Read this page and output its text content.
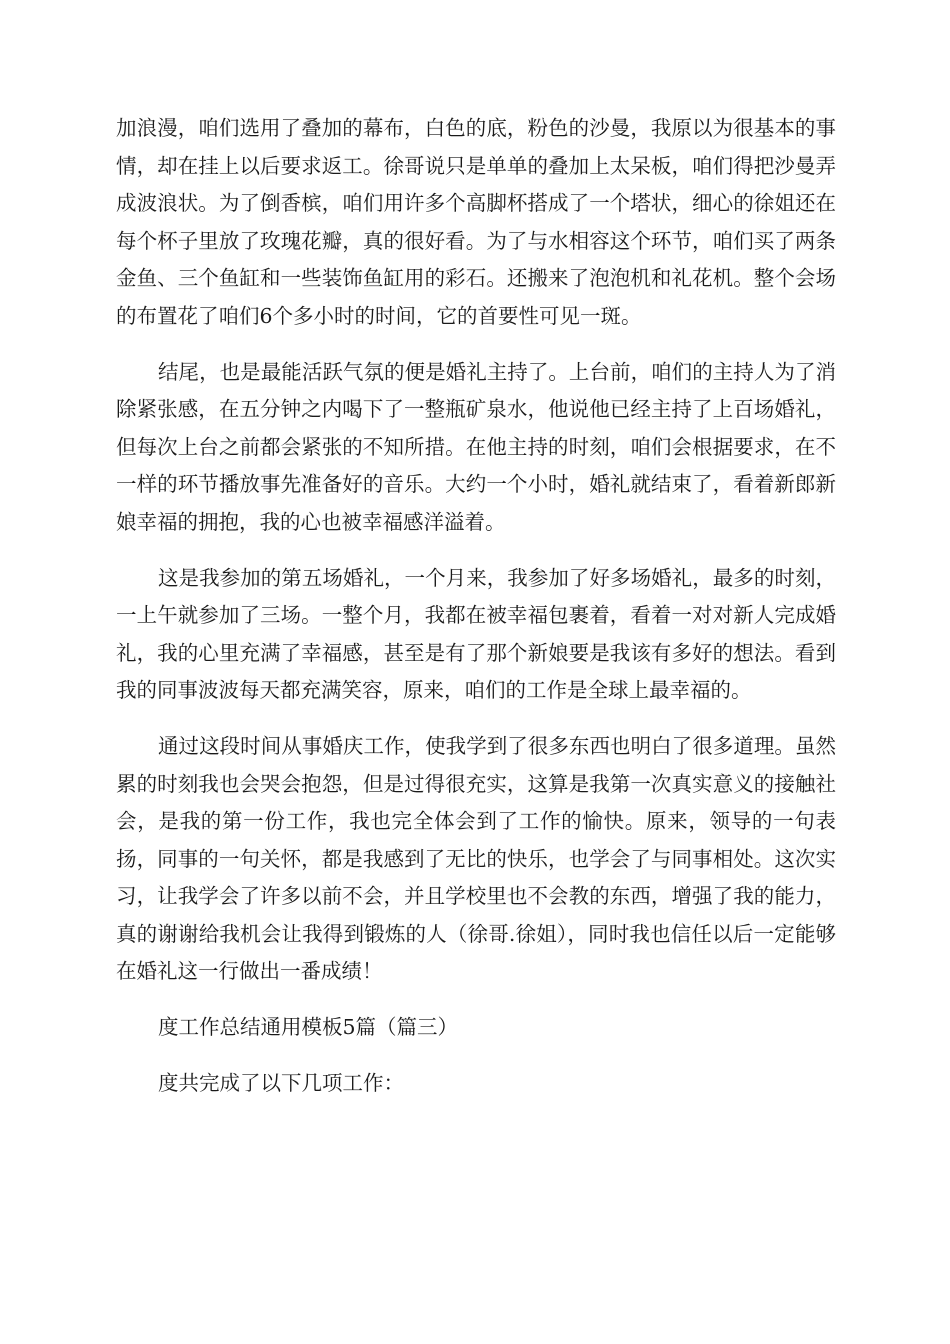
加浪漫，咱们选用了叠加的幕布，白色的底，粉色的沙曼，我原以为很基本的事情，却在挂上以后要求返工。徐哥说只是单单的叠加上太呆板，咱们得把沙曼弄成波浪状。为了倒香槟，咱们用许多个高脚杯搭成了一个塔状，细心的徐姐还在每个杯子里放了玫瑰花瓣，真的很好看。为了与水相容这个环节，咱们买了两条金鱼、三个鱼缸和一些装饰鱼缸用的彩石。还搬来了泡泡机和礼花机。整个会场的布置花了咱们6个多小时的时间，它的首要性可见一斑。

结尾，也是最能活跃气氛的便是婚礼主持了。上台前，咱们的主持人为了消除紧张感，在五分钟之内喝下了一整瓶矿泉水，他说他已经主持了上百场婚礼，但每次上台之前都会紧张的不知所措。在他主持的时刻，咱们会根据要求，在不一样的环节播放事先准备好的音乐。大约一个小时，婚礼就结束了，看着新郎新娘幸福的拥抱，我的心也被幸福感洋溢着。

这是我参加的第五场婚礼，一个月来，我参加了好多场婚礼，最多的时刻，一上午就参加了三场。一整个月，我都在被幸福包裹着，看着一对对新人完成婚礼，我的心里充满了幸福感，甚至是有了那个新娘要是我该有多好的想法。看到我的同事波波每天都充满笑容，原来，咱们的工作是全球上最幸福的。

通过这段时间从事婚庆工作，使我学到了很多东西也明白了很多道理。虽然累的时刻我也会哭会抱怨，但是过得很充实，这算是我第一次真实意义的接触社会，是我的第一份工作，我也完全体会到了工作的愉快。原来，领导的一句表扬，同事的一句关怀，都是我感到了无比的快乐，也学会了与同事相处。这次实习，让我学会了许多以前不会，并且学校里也不会教的东西，增强了我的能力，真的谢谢给我机会让我得到锻炼的人（徐哥.徐姐），同时我也信任以后一定能够在婚礼这一行做出一番成绩！

度工作总结通用模板5篇（篇三）

度共完成了以下几项工作：
